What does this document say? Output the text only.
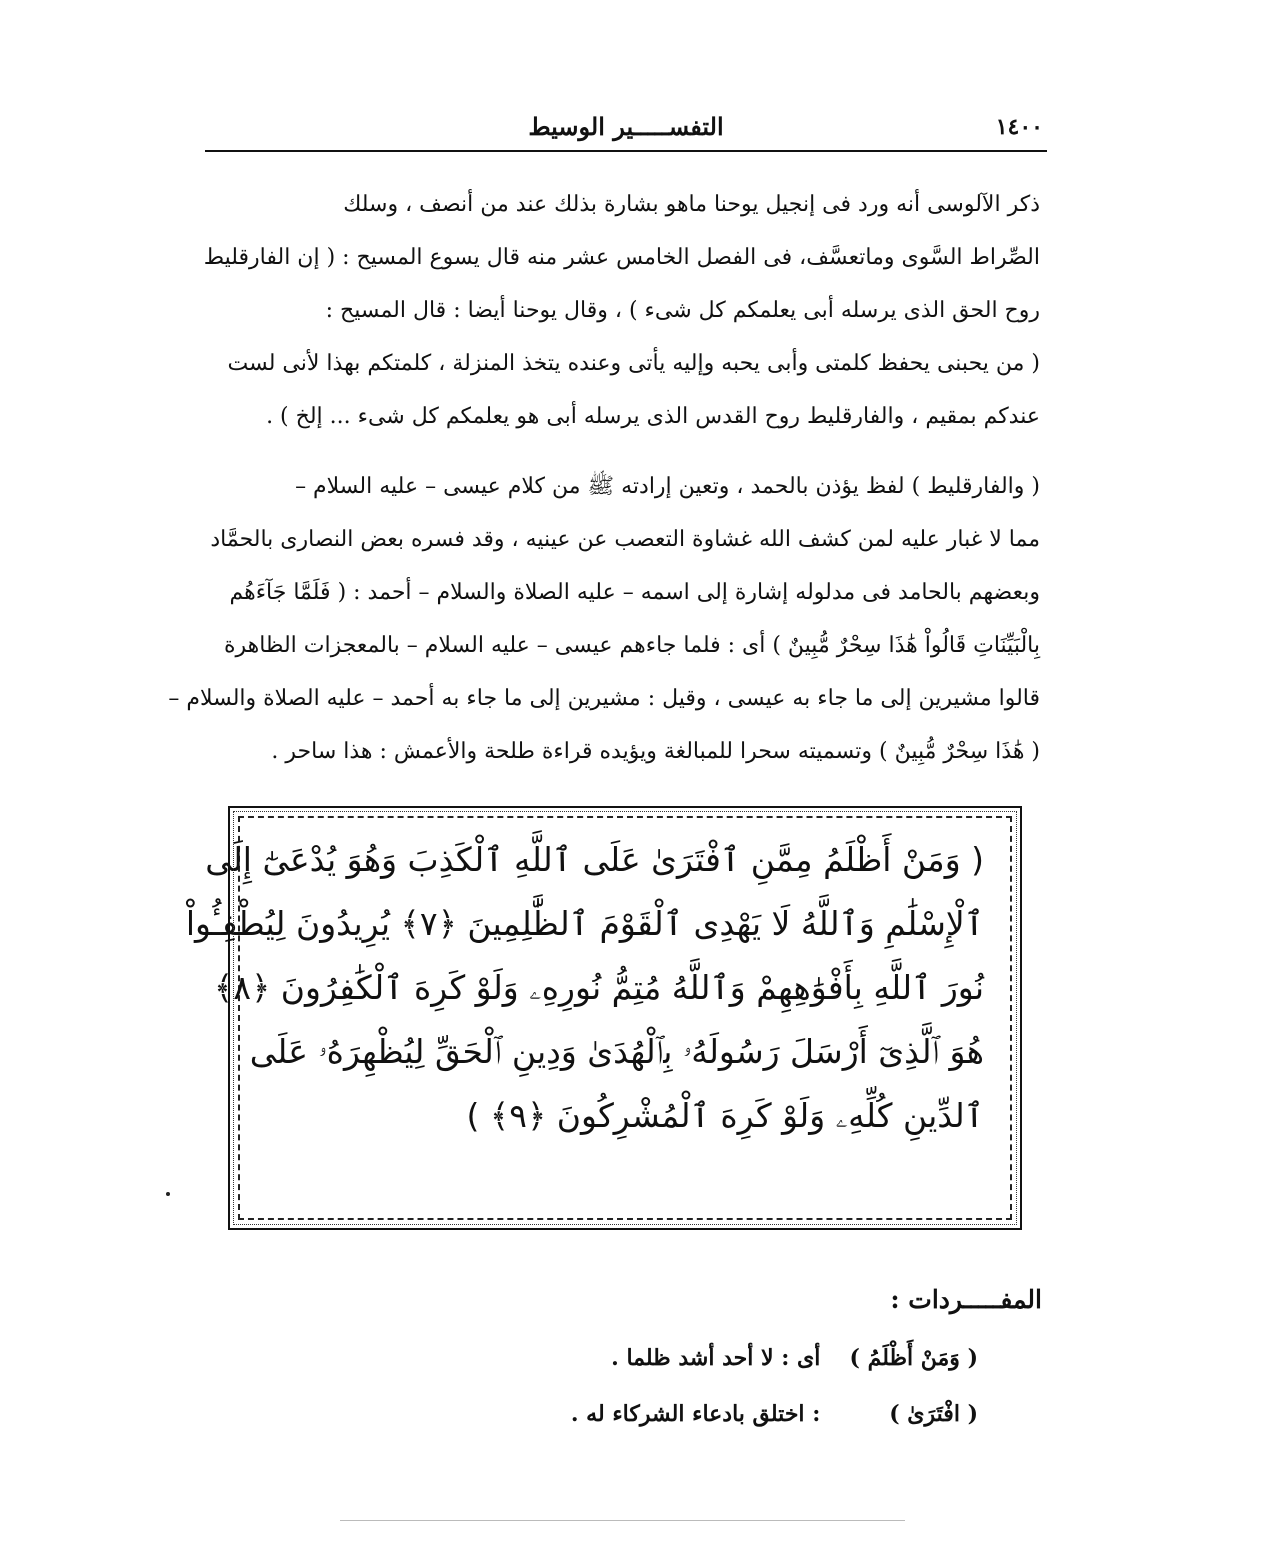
١٤٠٠
التفســـــير الوسيط

ذكر الآلوسى أنه ورد فى إنجيل يوحنا ماهو بشارة بذلك عند من أنصف ، وسلك
الصِّراط السَّوى وماتعسَّف، فى الفصل الخامس عشر منه قال يسوع المسيح : ( إن الفارقليط
روح الحق الذى يرسله أبى يعلمكم كل شىء ) ، وقال يوحنا أيضا : قال المسيح :
( من يحبنى يحفظ كلمتى وأبى يحبه وإليه يأتى وعنده يتخذ المنزلة ، كلمتكم بهذا لأنى لست
عندكم بمقيم ، والفارقليط روح القدس الذى يرسله أبى هو يعلمكم كل شىء ... إلخ ) .

( والفارقليط ) لفظ يؤذن بالحمد ، وتعين إرادته ﷺ من كلام عيسى – عليه السلام –
مما لا غبار عليه لمن كشف الله غشاوة التعصب عن عينيه ، وقد فسره بعض النصارى بالحمَّاد
وبعضهم بالحامد فى مدلوله إشارة إلى اسمه – عليه الصلاة والسلام – أحمد : ( فَلَمَّا جَآءَهُم
بِالْبَيِّنَاتِ قَالُواْ هَٰذَا سِحْرٌ مُّبِينٌ ) أى : فلما جاءهم عيسى – عليه السلام – بالمعجزات الظاهرة
قالوا مشيرين إلى ما جاء به عيسى ، وقيل : مشيرين إلى ما جاء به أحمد – عليه الصلاة والسلام –
( هَٰذَا سِحْرٌ مُّبِينٌ ) وتسميته سحرا للمبالغة ويؤيده قراءة طلحة والأعمش : هذا ساحر .

( وَمَنْ أَظْلَمُ مِمَّنِ ٱفْتَرَىٰ عَلَى ٱللَّهِ ٱلْكَذِبَ وَهُوَ يُدْعَىٰٓ إِلَى
ٱلْإِسْلَٰمِ وَٱللَّهُ لَا يَهْدِى ٱلْقَوْمَ ٱلظَّٰلِمِينَ ﴿٧﴾ يُرِيدُونَ لِيُطْفِـُٔواْ
نُورَ ٱللَّهِ بِأَفْوَٰهِهِمْ وَٱللَّهُ مُتِمُّ نُورِهِۦ وَلَوْ كَرِهَ ٱلْكَٰفِرُونَ ﴿٨﴾
هُوَ ٱلَّذِىٓ أَرْسَلَ رَسُولَهُۥ بِٱلْهُدَىٰ وَدِينِ ٱلْحَقِّ لِيُظْهِرَهُۥ عَلَى
ٱلدِّينِ كُلِّهِۦ وَلَوْ كَرِهَ ٱلْمُشْرِكُونَ ﴿٩﴾ )
المفـــــردات :
( وَمَنْ أَظْلَمُ ) أى : لا أحد أشد ظلما .
( افْتَرَىٰ ) : اختلق بادعاء الشركاء له .
